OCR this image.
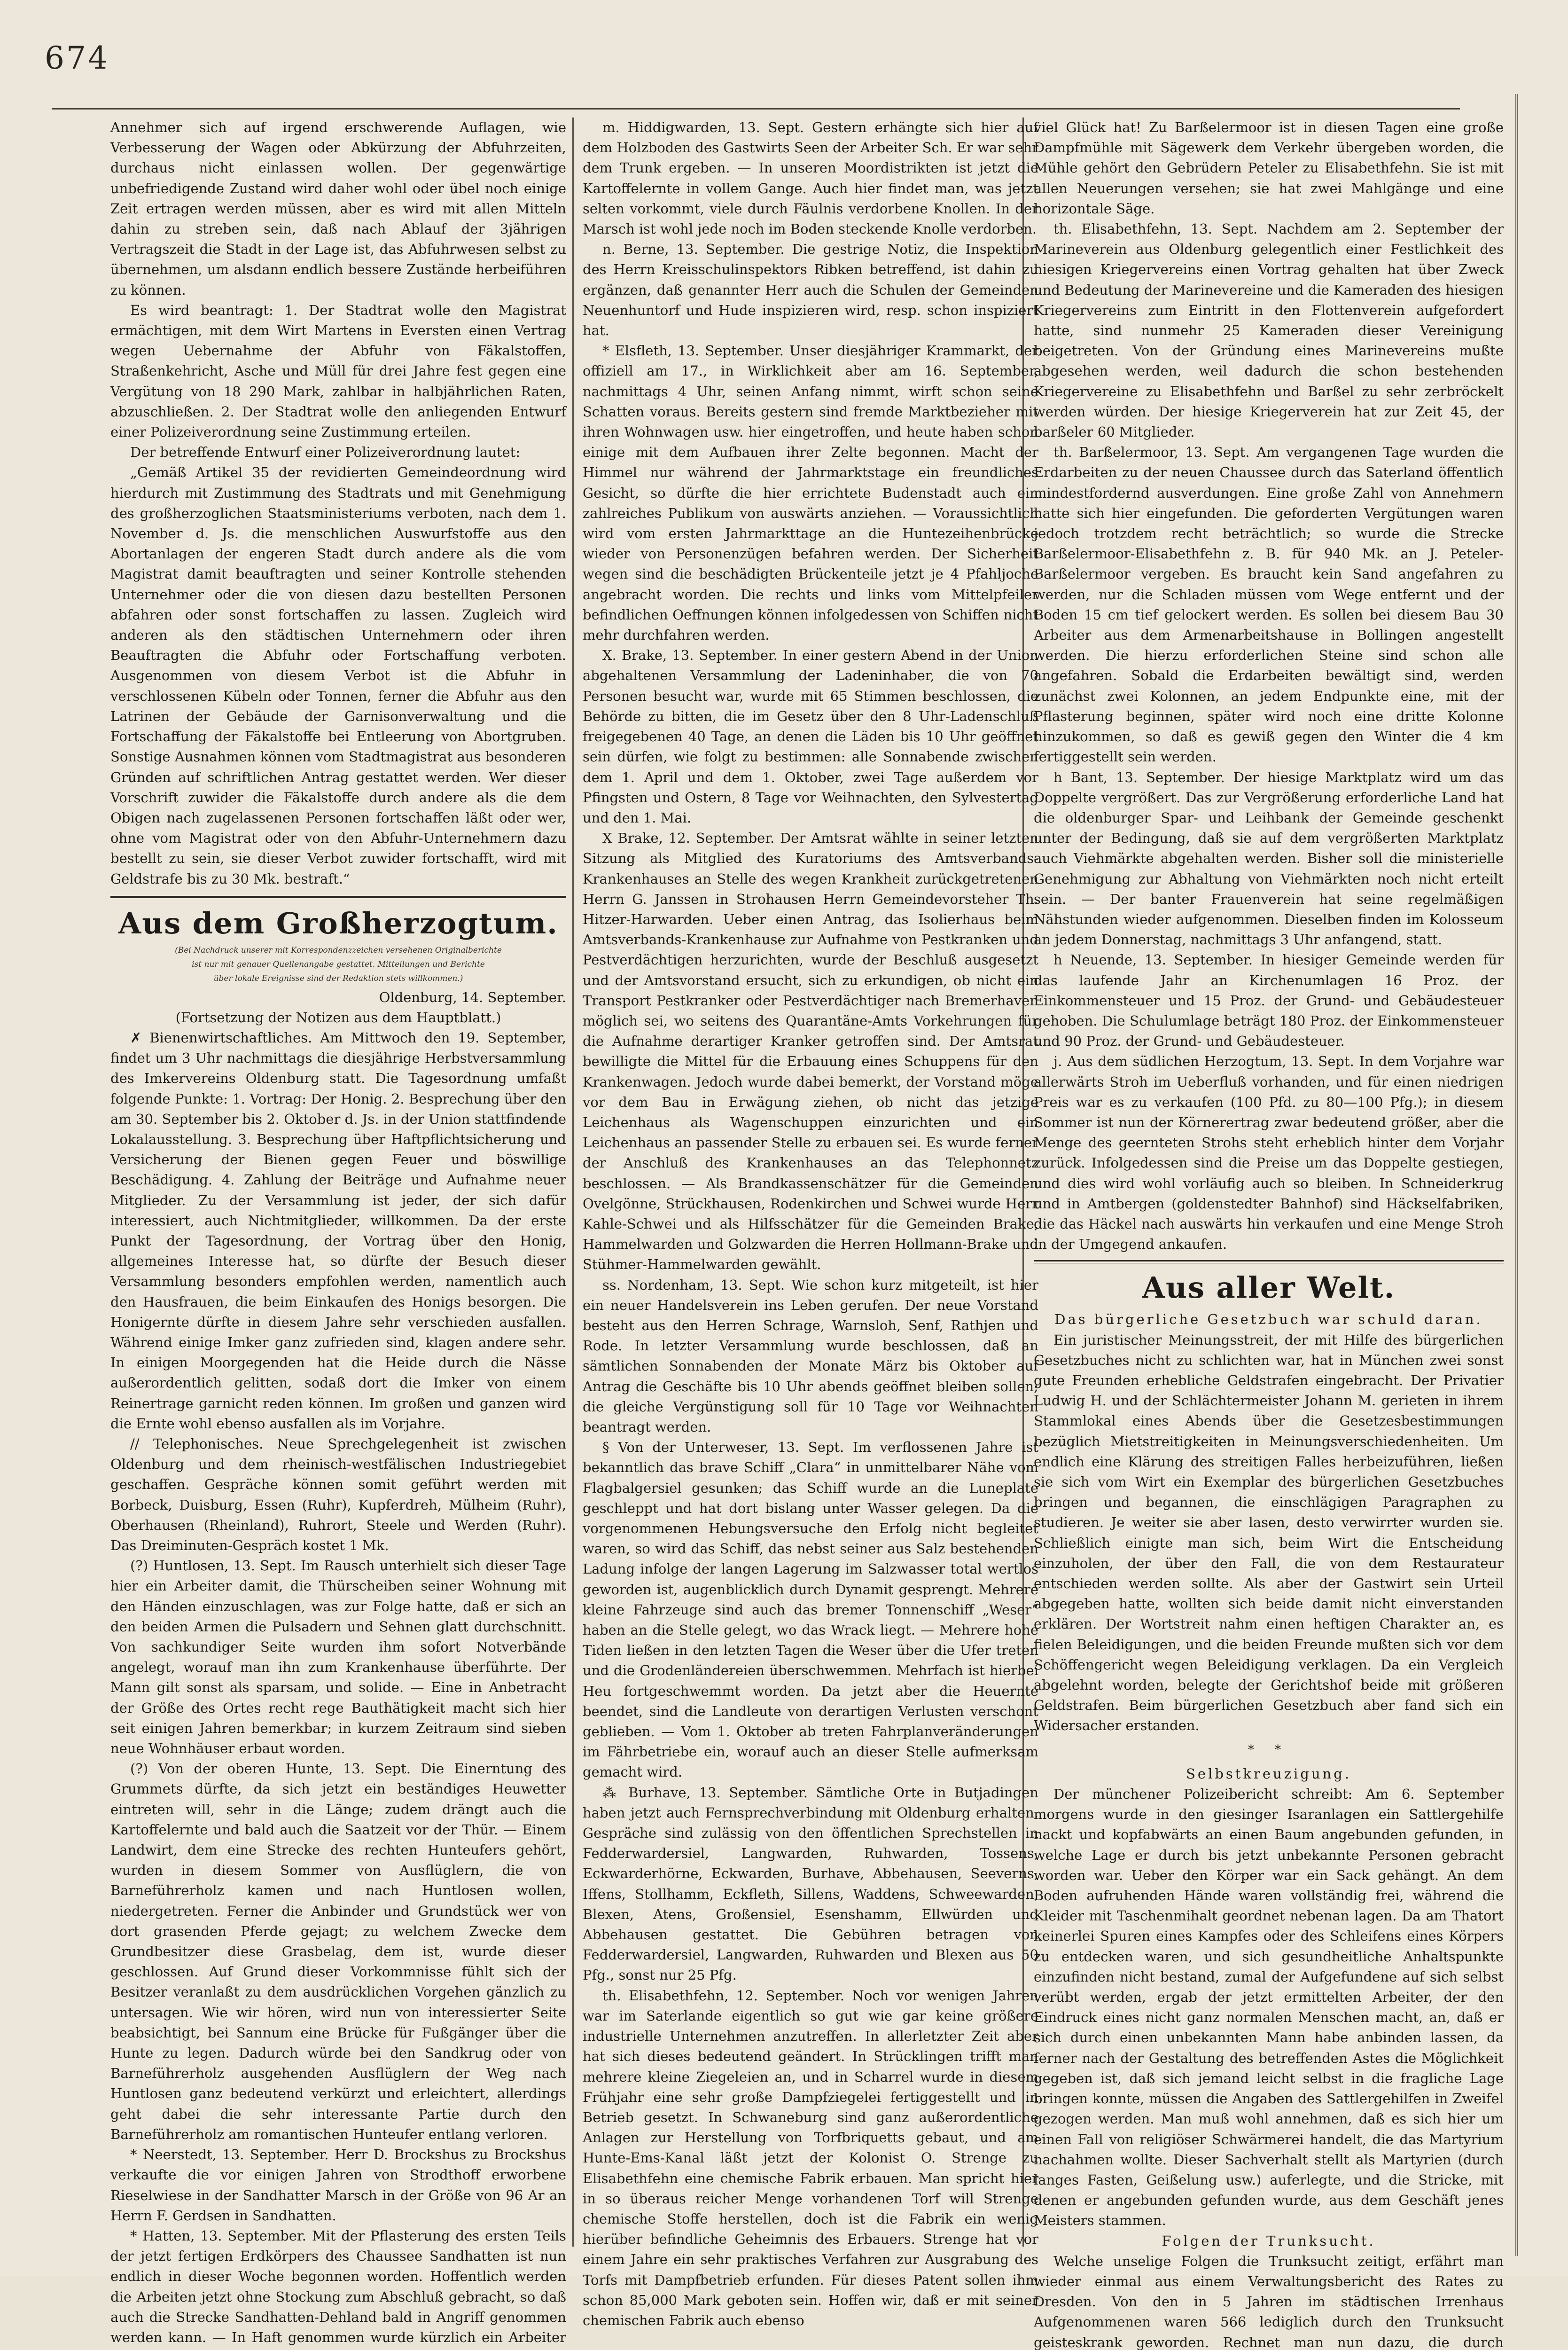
674

Annehmer sich auf irgend erschwerende Auflagen, wie Verbesserung der Wagen oder Abkürzung der Abfuhrzeiten, durchaus nicht einlassen wollen. Der gegenwärtige unbefriedigende Zustand wird daher wohl oder übel noch einige Zeit ertragen werden müssen, aber es wird mit allen Mitteln dahin zu streben sein, daß nach Ablauf der 3jährigen Vertragszeit die Stadt in der Lage ist, das Abfuhrwesen selbst zu übernehmen, um alsdann endlich bessere Zustände herbeiführen zu können.

Es wird beantragt: 1. Der Stadtrat wolle den Magistrat ermächtigen, mit dem Wirt Martens in Eversten einen Vertrag wegen Uebernahme der Abfuhr von Fäkalstoffen, Straßenkehricht, Asche und Müll für drei Jahre fest gegen eine Vergütung von 18 290 Mark, zahlbar in halbjährlichen Raten, abzuschließen. 2. Der Stadtrat wolle den anliegenden Entwurf einer Polizeiverordnung seine Zustimmung erteilen.

Der betreffende Entwurf einer Polizeiverordnung lautet:

„Gemäß Artikel 35 der revidierten Gemeindeordnung wird hierdurch mit Zustimmung des Stadtrats und mit Genehmigung des großherzoglichen Staatsministeriums verboten, nach dem 1. November d. Js. die menschlichen Auswurfstoffe aus den Abortanlagen der engeren Stadt durch andere als die vom Magistrat damit beauftragten und seiner Kontrolle stehenden Unternehmer oder die von diesen dazu bestellten Personen abfahren oder sonst fortschaffen zu lassen. Zugleich wird anderen als den städtischen Unternehmern oder ihren Beauftragten die Abfuhr oder Fortschaffung verboten. Ausgenommen von diesem Verbot ist die Abfuhr in verschlossenen Kübeln oder Tonnen, ferner die Abfuhr aus den Latrinen der Gebäude der Garnisonverwaltung und die Fortschaffung der Fäkalstoffe bei Entleerung von Abortgruben. Sonstige Ausnahmen können vom Stadtmagistrat aus besonderen Gründen auf schriftlichen Antrag gestattet werden. Wer dieser Vorschrift zuwider die Fäkalstoffe durch andere als die dem Obigen nach zugelassenen Personen fortschaffen läßt oder wer, ohne vom Magistrat oder von den Abfuhr-Unternehmern dazu bestellt zu sein, sie dieser Verbot zuwider fortschafft, wird mit Geldstrafe bis zu 30 Mk. bestraft.“

Aus dem Großherzogtum.
(Bei Nachdruck unserer mit Korrespondenzzeichen versehenen Originalberichte
ist nur mit genauer Quellenangabe gestattet. Mitteilungen und Berichte
über lokale Ereignisse sind der Redaktion stets willkommen.)
Oldenburg, 14. September.

(Fortsetzung der Notizen aus dem Hauptblatt.)

✗ Bienenwirtschaftliches. Am Mittwoch den 19. September, findet um 3 Uhr nachmittags die diesjährige Herbstversammlung des Imkervereins Oldenburg statt. Die Tagesordnung umfaßt folgende Punkte: 1. Vortrag: Der Honig. 2. Besprechung über den am 30. September bis 2. Oktober d. Js. in der Union stattfindende Lokalausstellung. 3. Besprechung über Haftpflichtsicherung und Versicherung der Bienen gegen Feuer und böswillige Beschädigung. 4. Zahlung der Beiträge und Aufnahme neuer Mitglieder. Zu der Versammlung ist jeder, der sich dafür interessiert, auch Nichtmitglieder, willkommen. Da der erste Punkt der Tagesordnung, der Vortrag über den Honig, allgemeines Interesse hat, so dürfte der Besuch dieser Versammlung besonders empfohlen werden, namentlich auch den Hausfrauen, die beim Einkaufen des Honigs besorgen. Die Honigernte dürfte in diesem Jahre sehr verschieden ausfallen. Während einige Imker ganz zufrieden sind, klagen andere sehr. In einigen Moorgegenden hat die Heide durch die Nässe außerordentlich gelitten, sodaß dort die Imker von einem Reinertrage garnicht reden können. Im großen und ganzen wird die Ernte wohl ebenso ausfallen als im Vorjahre.

// Telephonisches. Neue Sprechgelegenheit ist zwischen Oldenburg und dem rheinisch-westfälischen Industriegebiet geschaffen. Gespräche können somit geführt werden mit Borbeck, Duisburg, Essen (Ruhr), Kupferdreh, Mülheim (Ruhr), Oberhausen (Rheinland), Ruhrort, Steele und Werden (Ruhr). Das Dreiminuten-Gespräch kostet 1 Mk.

(?) Huntlosen, 13. Sept. Im Rausch unterhielt sich dieser Tage hier ein Arbeiter damit, die Thürscheiben seiner Wohnung mit den Händen einzuschlagen, was zur Folge hatte, daß er sich an den beiden Armen die Pulsadern und Sehnen glatt durchschnitt. Von sachkundiger Seite wurden ihm sofort Notverbände angelegt, worauf man ihn zum Krankenhause überführte. Der Mann gilt sonst als sparsam, und solide. — Eine in Anbetracht der Größe des Ortes recht rege Bauthätigkeit macht sich hier seit einigen Jahren bemerkbar; in kurzem Zeitraum sind sieben neue Wohnhäuser erbaut worden.

(?) Von der oberen Hunte, 13. Sept. Die Einerntung des Grummets dürfte, da sich jetzt ein beständiges Heuwetter eintreten will, sehr in die Länge; zudem drängt auch die Kartoffelernte und bald auch die Saatzeit vor der Thür. — Einem Landwirt, dem eine Strecke des rechten Hunteufers gehört, wurden in diesem Sommer von Ausflüglern, die von Barneführerholz kamen und nach Huntlosen wollen, niedergetreten. Ferner die Anbinder und Grundstück wer von dort grasenden Pferde gejagt; zu welchem Zwecke dem Grundbesitzer diese Grasbelag, dem ist, wurde dieser geschlossen. Auf Grund dieser Vorkommnisse fühlt sich der Besitzer veranlaßt zu dem ausdrücklichen Vorgehen gänzlich zu untersagen. Wie wir hören, wird nun von interessierter Seite beabsichtigt, bei Sannum eine Brücke für Fußgänger über die Hunte zu legen. Dadurch würde bei den Sandkrug oder von Barneführerholz ausgehenden Ausflüglern der Weg nach Huntlosen ganz bedeutend verkürzt und erleichtert, allerdings geht dabei die sehr interessante Partie durch den Barneführerholz am romantischen Hunteufer entlang verloren.

* Neerstedt, 13. September. Herr D. Brockshus zu Brockshus verkaufte die vor einigen Jahren von Strodthoff erworbene Rieselwiese in der Sandhatter Marsch in der Größe von 96 Ar an Herrn F. Gerdsen in Sandhatten.

* Hatten, 13. September. Mit der Pflasterung des ersten Teils der jetzt fertigen Erdkörpers des Chaussee Sandhatten ist nun endlich in dieser Woche begonnen worden. Hoffentlich werden die Arbeiten jetzt ohne Stockung zum Abschluß gebracht, so daß auch die Strecke Sandhatten-Dehland bald in Angriff genommen werden kann. — In Haft genommen wurde kürzlich ein Arbeiter

m. Hiddigwarden, 13. Sept. Gestern erhängte sich hier auf dem Holzboden des Gastwirts Seen der Arbeiter Sch. Er war sehr dem Trunk ergeben. — In unseren Moordistrikten ist jetzt die Kartoffelernte in vollem Gange. Auch hier findet man, was jetzt selten vorkommt, viele durch Fäulnis verdorbene Knollen. In der Marsch ist wohl jede noch im Boden steckende Knolle verdorben.

n. Berne, 13. September. Die gestrige Notiz, die Inspektion des Herrn Kreisschulinspektors Ribken betreffend, ist dahin zu ergänzen, daß genannter Herr auch die Schulen der Gemeinden Neuenhuntorf und Hude inspizieren wird, resp. schon inspiziert hat.

* Elsfleth, 13. September. Unser diesjähriger Krammarkt, der offiziell am 17., in Wirklichkeit aber am 16. September, nachmittags 4 Uhr, seinen Anfang nimmt, wirft schon seine Schatten voraus. Bereits gestern sind fremde Marktbezieher mit ihren Wohnwagen usw. hier eingetroffen, und heute haben schon einige mit dem Aufbauen ihrer Zelte begonnen. Macht der Himmel nur während der Jahrmarktstage ein freundliches Gesicht, so dürfte die hier errichtete Budenstadt auch ein zahlreiches Publikum von auswärts anziehen. — Voraussichtlich wird vom ersten Jahrmarkttage an die Huntezeihenbrücke wieder von Personenzügen befahren werden. Der Sicherheit wegen sind die beschädigten Brückenteile jetzt je 4 Pfahljoche angebracht worden. Die rechts und links vom Mittelpfeiler befindlichen Oeffnungen können infolgedessen von Schiffen nicht mehr durchfahren werden.

X. Brake, 13. September. In einer gestern Abend in der Union abgehaltenen Versammlung der Ladeninhaber, die von 70 Personen besucht war, wurde mit 65 Stimmen beschlossen, die Behörde zu bitten, die im Gesetz über den 8 Uhr-Ladenschluß freigegebenen 40 Tage, an denen die Läden bis 10 Uhr geöffnet sein dürfen, wie folgt zu bestimmen: alle Sonnabende zwischen dem 1. April und dem 1. Oktober, zwei Tage außerdem vor Pfingsten und Ostern, 8 Tage vor Weihnachten, den Sylvestertag und den 1. Mai.

X Brake, 12. September. Der Amtsrat wählte in seiner letzten Sitzung als Mitglied des Kuratoriums des Amtsverbands-Krankenhauses an Stelle des wegen Krankheit zurückgetretenen Herrn G. Janssen in Strohausen Herrn Gemeindevorsteher Th. Hitzer-Harwarden. Ueber einen Antrag, das Isolierhaus beim Amtsverbands-Krankenhause zur Aufnahme von Pestkranken und Pestverdächtigen herzurichten, wurde der Beschluß ausgesetzt und der Amtsvorstand ersucht, sich zu erkundigen, ob nicht ein Transport Pestkranker oder Pestverdächtiger nach Bremerhaven möglich sei, wo seitens des Quarantäne-Amts Vorkehrungen für die Aufnahme derartiger Kranker getroffen sind. Der Amtsrat bewilligte die Mittel für die Erbauung eines Schuppens für den Krankenwagen. Jedoch wurde dabei bemerkt, der Vorstand möge vor dem Bau in Erwägung ziehen, ob nicht das jetzige Leichenhaus als Wagenschuppen einzurichten und ein Leichenhaus an passender Stelle zu erbauen sei. Es wurde ferner der Anschluß des Krankenhauses an das Telephonnetz beschlossen. — Als Brandkassenschätzer für die Gemeinden Ovelgönne, Strückhausen, Rodenkirchen und Schwei wurde Herr Kahle-Schwei und als Hilfsschätzer für die Gemeinden Brake, Hammelwarden und Golzwarden die Herren Hollmann-Brake und Stühmer-Hammelwarden gewählt.

ss. Nordenham, 13. Sept. Wie schon kurz mitgeteilt, ist hier ein neuer Handelsverein ins Leben gerufen. Der neue Vorstand besteht aus den Herren Schrage, Warnsloh, Senf, Rathjen und Rode. In letzter Versammlung wurde beschlossen, daß an sämtlichen Sonnabenden der Monate März bis Oktober auf Antrag die Geschäfte bis 10 Uhr abends geöffnet bleiben sollen; die gleiche Vergünstigung soll für 10 Tage vor Weihnachten beantragt werden.

§ Von der Unterweser, 13. Sept. Im verflossenen Jahre ist bekanntlich das brave Schiff „Clara“ in unmittelbarer Nähe vom Flagbalgersiel gesunken; das Schiff wurde an die Luneplate geschleppt und hat dort bislang unter Wasser gelegen. Da die vorgenommenen Hebungsversuche den Erfolg nicht begleitet waren, so wird das Schiff, das nebst seiner aus Salz bestehenden Ladung infolge der langen Lagerung im Salzwasser total wertlos geworden ist, augenblicklich durch Dynamit gesprengt. Mehrere kleine Fahrzeuge sind auch das bremer Tonnenschiff „Weser“ haben an die Stelle gelegt, wo das Wrack liegt. — Mehrere hohe Tiden ließen in den letzten Tagen die Weser über die Ufer treten und die Grodenländereien überschwemmen. Mehrfach ist hierbei Heu fortgeschwemmt worden. Da jetzt aber die Heuernte beendet, sind die Landleute von derartigen Verlusten verschont geblieben. — Vom 1. Oktober ab treten Fahrplanveränderungen im Fährbetriebe ein, worauf auch an dieser Stelle aufmerksam gemacht wird.

⁂ Burhave, 13. September. Sämtliche Orte in Butjadingen haben jetzt auch Fernsprechverbindung mit Oldenburg erhalten. Gespräche sind zulässig von den öffentlichen Sprechstellen in Fedderwardersiel, Langwarden, Ruhwarden, Tossens, Eckwarderhörne, Eckwarden, Burhave, Abbehausen, Seeverns, Iffens, Stollhamm, Eckfleth, Sillens, Waddens, Schweewarden, Blexen, Atens, Großensiel, Esenshamm, Ellwürden und Abbehausen gestattet. Die Gebühren betragen von Fedderwardersiel, Langwarden, Ruhwarden und Blexen aus 50 Pfg., sonst nur 25 Pfg.

th. Elisabethfehn, 12. September. Noch vor wenigen Jahren war im Saterlande eigentlich so gut wie gar keine größere industrielle Unternehmen anzutreffen. In allerletzter Zeit aber hat sich dieses bedeutend geändert. In Strücklingen trifft man mehrere kleine Ziegeleien an, und in Scharrel wurde in diesem Frühjahr eine sehr große Dampfziegelei fertiggestellt und in Betrieb gesetzt. In Schwaneburg sind ganz außerordentliche Anlagen zur Herstellung von Torfbriquetts gebaut, und am Hunte-Ems-Kanal läßt jetzt der Kolonist O. Strenge zu Elisabethfehn eine chemische Fabrik erbauen. Man spricht hier in so überaus reicher Menge vorhandenen Torf will Strenge chemische Stoffe herstellen, doch ist die Fabrik ein wenig hierüber befindliche Geheimnis des Erbauers. Strenge hat vor einem Jahre ein sehr praktisches Verfahren zur Ausgrabung des Torfs mit Dampfbetrieb erfunden. Für dieses Patent sollen ihm schon 85,000 Mark geboten sein. Hoffen wir, daß er mit seiner chemischen Fabrik auch ebenso

viel Glück hat! Zu Barßelermoor ist in diesen Tagen eine große Dampfmühle mit Sägewerk dem Verkehr übergeben worden, die Mühle gehört den Gebrüdern Peteler zu Elisabethfehn. Sie ist mit allen Neuerungen versehen; sie hat zwei Mahlgänge und eine horizontale Säge.

th. Elisabethfehn, 13. Sept. Nachdem am 2. September der Marineverein aus Oldenburg gelegentlich einer Festlichkeit des hiesigen Kriegervereins einen Vortrag gehalten hat über Zweck und Bedeutung der Marinevereine und die Kameraden des hiesigen Kriegervereins zum Eintritt in den Flottenverein aufgefordert hatte, sind nunmehr 25 Kameraden dieser Vereinigung beigetreten. Von der Gründung eines Marinevereins mußte abgesehen werden, weil dadurch die schon bestehenden Kriegervereine zu Elisabethfehn und Barßel zu sehr zerbröckelt werden würden. Der hiesige Kriegerverein hat zur Zeit 45, der barßeler 60 Mitglieder.

th. Barßelermoor, 13. Sept. Am vergangenen Tage wurden die Erdarbeiten zu der neuen Chaussee durch das Saterland öffentlich mindestfordernd ausverdungen. Eine große Zahl von Annehmern hatte sich hier eingefunden. Die geforderten Vergütungen waren jedoch trotzdem recht beträchtlich; so wurde die Strecke Barßelermoor-Elisabethfehn z. B. für 940 Mk. an J. Peteler-Barßelermoor vergeben. Es braucht kein Sand angefahren zu werden, nur die Schladen müssen vom Wege entfernt und der Boden 15 cm tief gelockert werden. Es sollen bei diesem Bau 30 Arbeiter aus dem Armenarbeitshause in Bollingen angestellt werden. Die hierzu erforderlichen Steine sind schon alle angefahren. Sobald die Erdarbeiten bewältigt sind, werden zunächst zwei Kolonnen, an jedem Endpunkte eine, mit der Pflasterung beginnen, später wird noch eine dritte Kolonne hinzukommen, so daß es gewiß gegen den Winter die 4 km fertiggestellt sein werden.

h Bant, 13. September. Der hiesige Marktplatz wird um das Doppelte vergrößert. Das zur Vergrößerung erforderliche Land hat die oldenburger Spar- und Leihbank der Gemeinde geschenkt unter der Bedingung, daß sie auf dem vergrößerten Marktplatz auch Viehmärkte abgehalten werden. Bisher soll die ministerielle Genehmigung zur Abhaltung von Viehmärkten noch nicht erteilt sein. — Der banter Frauenverein hat seine regelmäßigen Nähstunden wieder aufgenommen. Dieselben finden im Kolosseum an jedem Donnerstag, nachmittags 3 Uhr anfangend, statt.

h Neuende, 13. September. In hiesiger Gemeinde werden für das laufende Jahr an Kirchenumlagen 16 Proz. der Einkommensteuer und 15 Proz. der Grund- und Gebäudesteuer gehoben. Die Schulumlage beträgt 180 Proz. der Einkommensteuer und 90 Proz. der Grund- und Gebäudesteuer.

j. Aus dem südlichen Herzogtum, 13. Sept. In dem Vorjahre war allerwärts Stroh im Ueberfluß vorhanden, und für einen niedrigen Preis war es zu verkaufen (100 Pfd. zu 80—100 Pfg.); in diesem Sommer ist nun der Körnerertrag zwar bedeutend größer, aber die Menge des geernteten Strohs steht erheblich hinter dem Vorjahr zurück. Infolgedessen sind die Preise um das Doppelte gestiegen, und dies wird wohl vorläufig auch so bleiben. In Schneiderkrug und in Amtbergen (goldenstedter Bahnhof) sind Häckselfabriken, die das Häckel nach auswärts hin verkaufen und eine Menge Stroh in der Umgegend ankaufen.

Aus aller Welt.

Das bürgerliche Gesetzbuch war schuld daran.

Ein juristischer Meinungsstreit, der mit Hilfe des bürgerlichen Gesetzbuches nicht zu schlichten war, hat in München zwei sonst gute Freunden erhebliche Geldstrafen eingebracht. Der Privatier Ludwig H. und der Schlächtermeister Johann M. gerieten in ihrem Stammlokal eines Abends über die Gesetzesbestimmungen bezüglich Mietstreitigkeiten in Meinungsverschiedenheiten. Um endlich eine Klärung des streitigen Falles herbeizuführen, ließen sie sich vom Wirt ein Exemplar des bürgerlichen Gesetzbuches bringen und begannen, die einschlägigen Paragraphen zu studieren. Je weiter sie aber lasen, desto verwirrter wurden sie. Schließlich einigte man sich, beim Wirt die Entscheidung einzuholen, der über den Fall, die von dem Restaurateur entschieden werden sollte. Als aber der Gastwirt sein Urteil abgegeben hatte, wollten sich beide damit nicht einverstanden erklären. Der Wortstreit nahm einen heftigen Charakter an, es fielen Beleidigungen, und die beiden Freunde mußten sich vor dem Schöffengericht wegen Beleidigung verklagen. Da ein Vergleich abgelehnt worden, belegte der Gerichtshof beide mit größeren Geldstrafen. Beim bürgerlichen Gesetzbuch aber fand sich ein Widersacher erstanden.

* *

Selbstkreuzigung.

Der münchener Polizeibericht schreibt: Am 6. September morgens wurde in den giesinger Isaranlagen ein Sattlergehilfe nackt und kopfabwärts an einen Baum angebunden gefunden, in welche Lage er durch bis jetzt unbekannte Personen gebracht worden war. Ueber den Körper war ein Sack gehängt. An dem Boden aufruhenden Hände waren vollständig frei, während die Kleider mit Taschenmihalt geordnet nebenan lagen. Da am Thatort keinerlei Spuren eines Kampfes oder des Schleifens eines Körpers zu entdecken waren, und sich gesundheitliche Anhaltspunkte einzufinden nicht bestand, zumal der Aufgefundene auf sich selbst verübt werden, ergab der jetzt ermittelten Arbeiter, der den Eindruck eines nicht ganz normalen Menschen macht, an, daß er sich durch einen unbekannten Mann habe anbinden lassen, da ferner nach der Gestaltung des betreffenden Astes die Möglichkeit gegeben ist, daß sich jemand leicht selbst in die fragliche Lage bringen konnte, müssen die Angaben des Sattlergehilfen in Zweifel gezogen werden. Man muß wohl annehmen, daß es sich hier um einen Fall von religiöser Schwärmerei handelt, die das Martyrium nachahmen wollte. Dieser Sachverhalt stellt als Martyrien (durch langes Fasten, Geißelung usw.) auferlegte, und die Stricke, mit denen er angebunden gefunden wurde, aus dem Geschäft jenes Meisters stammen.

Folgen der Trunksucht.

Welche unselige Folgen die Trunksucht zeitigt, erfährt man wieder einmal aus einem Verwaltungsbericht des Rates zu Dresden. Von den in 5 Jahren im städtischen Irrenhaus Aufgenommenen waren 566 lediglich durch den Trunksucht geisteskrank geworden. Rechnet man nun dazu, die durch
